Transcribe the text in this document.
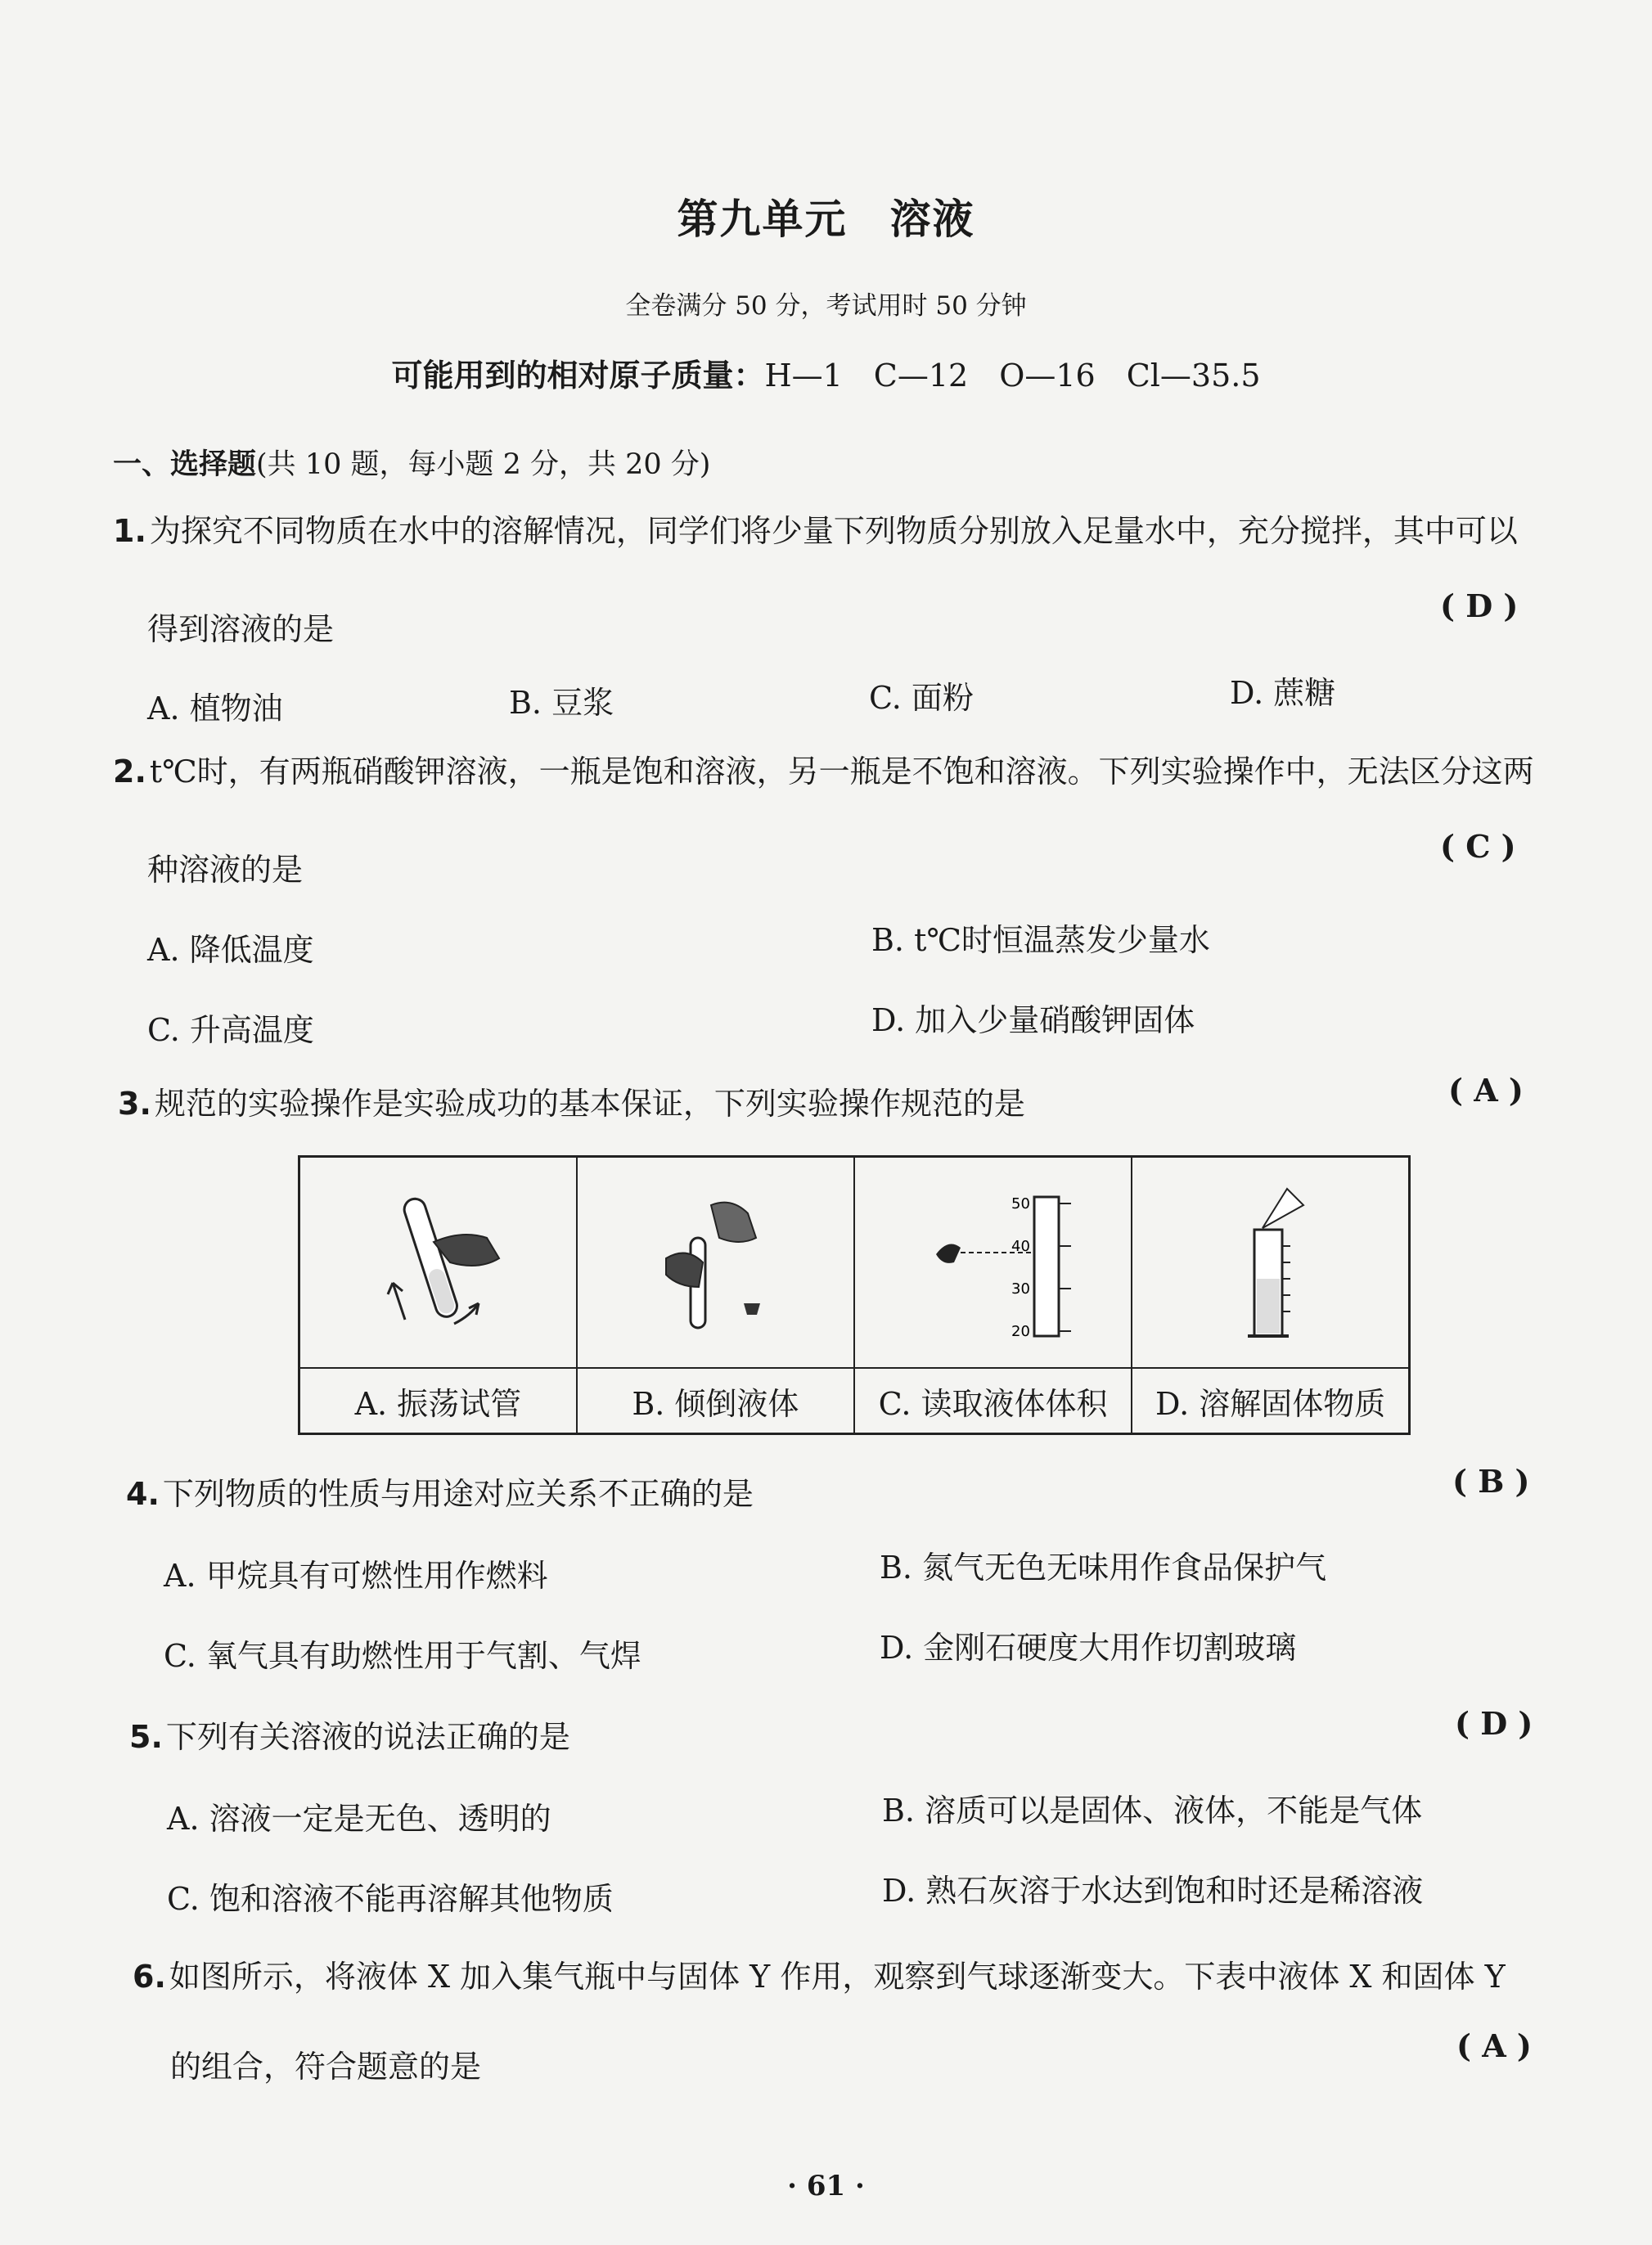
第九单元　溶液
全卷满分 50 分，考试用时 50 分钟
可能用到的相对原子质量：H—1　C—12　O—16　Cl—35.5
一、选择题(共 10 题，每小题 2 分，共 20 分)
1. 为探究不同物质在水中的溶解情况，同学们将少量下列物质分别放入足量水中，充分搅拌，其中可以
得到溶液的是
( D )
A. 植物油	B. 豆浆	C. 面粉	D. 蔗糖
2. t℃时，有两瓶硝酸钾溶液，一瓶是饱和溶液，另一瓶是不饱和溶液。下列实验操作中，无法区分这两
种溶液的是
( C )
A. 降低温度	B. t℃时恒温蒸发少量水
C. 升高温度	D. 加入少量硝酸钾固体
3. 规范的实验操作是实验成功的基本保证，下列实验操作规范的是	( A )

50
40
30
20

A. 振荡试管	B. 倾倒液体	C. 读取液体体积	D. 溶解固体物质
4. 下列物质的性质与用途对应关系不正确的是	( B )
A. 甲烷具有可燃性用作燃料	B. 氮气无色无味用作食品保护气
C. 氧气具有助燃性用于气割、气焊	D. 金刚石硬度大用作切割玻璃
5. 下列有关溶液的说法正确的是	( D )
A. 溶液一定是无色、透明的	B. 溶质可以是固体、液体，不能是气体
C. 饱和溶液不能再溶解其他物质	D. 熟石灰溶于水达到饱和时还是稀溶液
6. 如图所示，将液体 X 加入集气瓶中与固体 Y 作用，观察到气球逐渐变大。下表中液体 X 和固体 Y
的组合，符合题意的是
( A )
· 61 ·
